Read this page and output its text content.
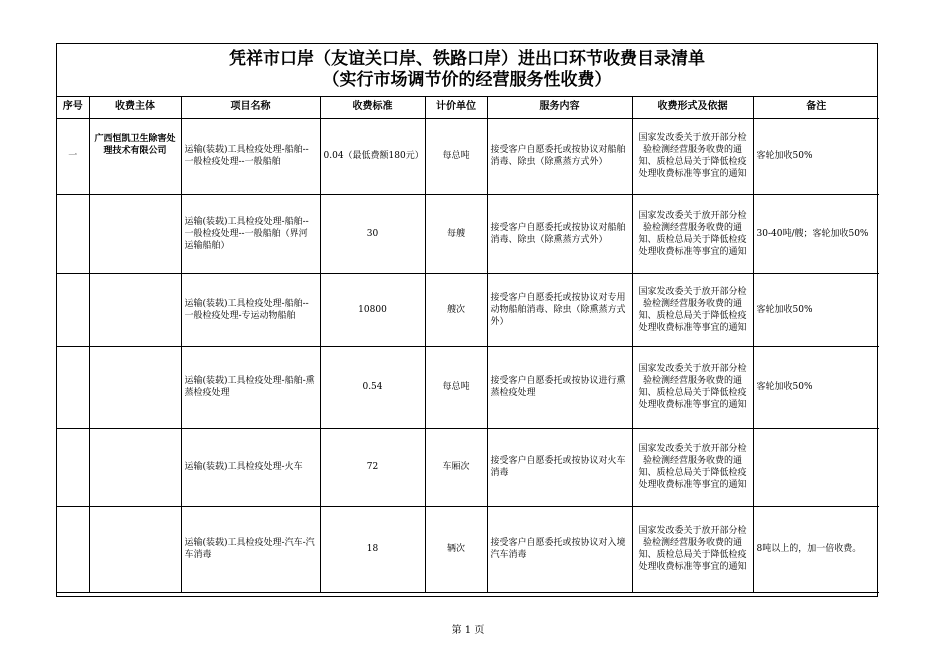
凭祥市口岸（友谊关口岸、铁路口岸）进出口环节收费目录清单
（实行市场调节价的经营服务性收费）
序号	收费主体	项目名称	收费标准	计价单位	服务内容	收费形式及依据	备注
一	广西恒凯卫生除害处理技术有限公司	运输(装载)工具检疫处理-船舶--一般检疫处理--一般船舶	0.04（最低费额180元）	每总吨	接受客户自愿委托或按协议对船舶消毒、除虫（除熏蒸方式外）	国家发改委关于放开部分检验检测经营服务收费的通知、质检总局关于降低检疫处理收费标准等事宜的通知	客轮加收50%
		运输(装载)工具检疫处理-船舶--一般检疫处理--一般船舶（界河运输船舶）	30	每艘	接受客户自愿委托或按协议对船舶消毒、除虫（除熏蒸方式外）	国家发改委关于放开部分检验检测经营服务收费的通知、质检总局关于降低检疫处理收费标准等事宜的通知	30-40吨/艘；客轮加收50%
		运输(装载)工具检疫处理-船舶--一般检疫处理-专运动物船舶	10800	艘次	接受客户自愿委托或按协议对专用动物船舶消毒、除虫（除熏蒸方式外）	国家发改委关于放开部分检验检测经营服务收费的通知、质检总局关于降低检疫处理收费标准等事宜的通知	客轮加收50%
		运输(装载)工具检疫处理-船舶-熏蒸检疫处理	0.54	每总吨	接受客户自愿委托或按协议进行熏蒸检疫处理	国家发改委关于放开部分检验检测经营服务收费的通知、质检总局关于降低检疫处理收费标准等事宜的通知	客轮加收50%
		运输(装载)工具检疫处理-火车	72	车厢次	接受客户自愿委托或按协议对火车消毒	国家发改委关于放开部分检验检测经营服务收费的通知、质检总局关于降低检疫处理收费标准等事宜的通知	
		运输(装载)工具检疫处理-汽车-汽车消毒	18	辆次	接受客户自愿委托或按协议对入境汽车消毒	国家发改委关于放开部分检验检测经营服务收费的通知、质检总局关于降低检疫处理收费标准等事宜的通知	8吨以上的，加一倍收费。
第 1 页
